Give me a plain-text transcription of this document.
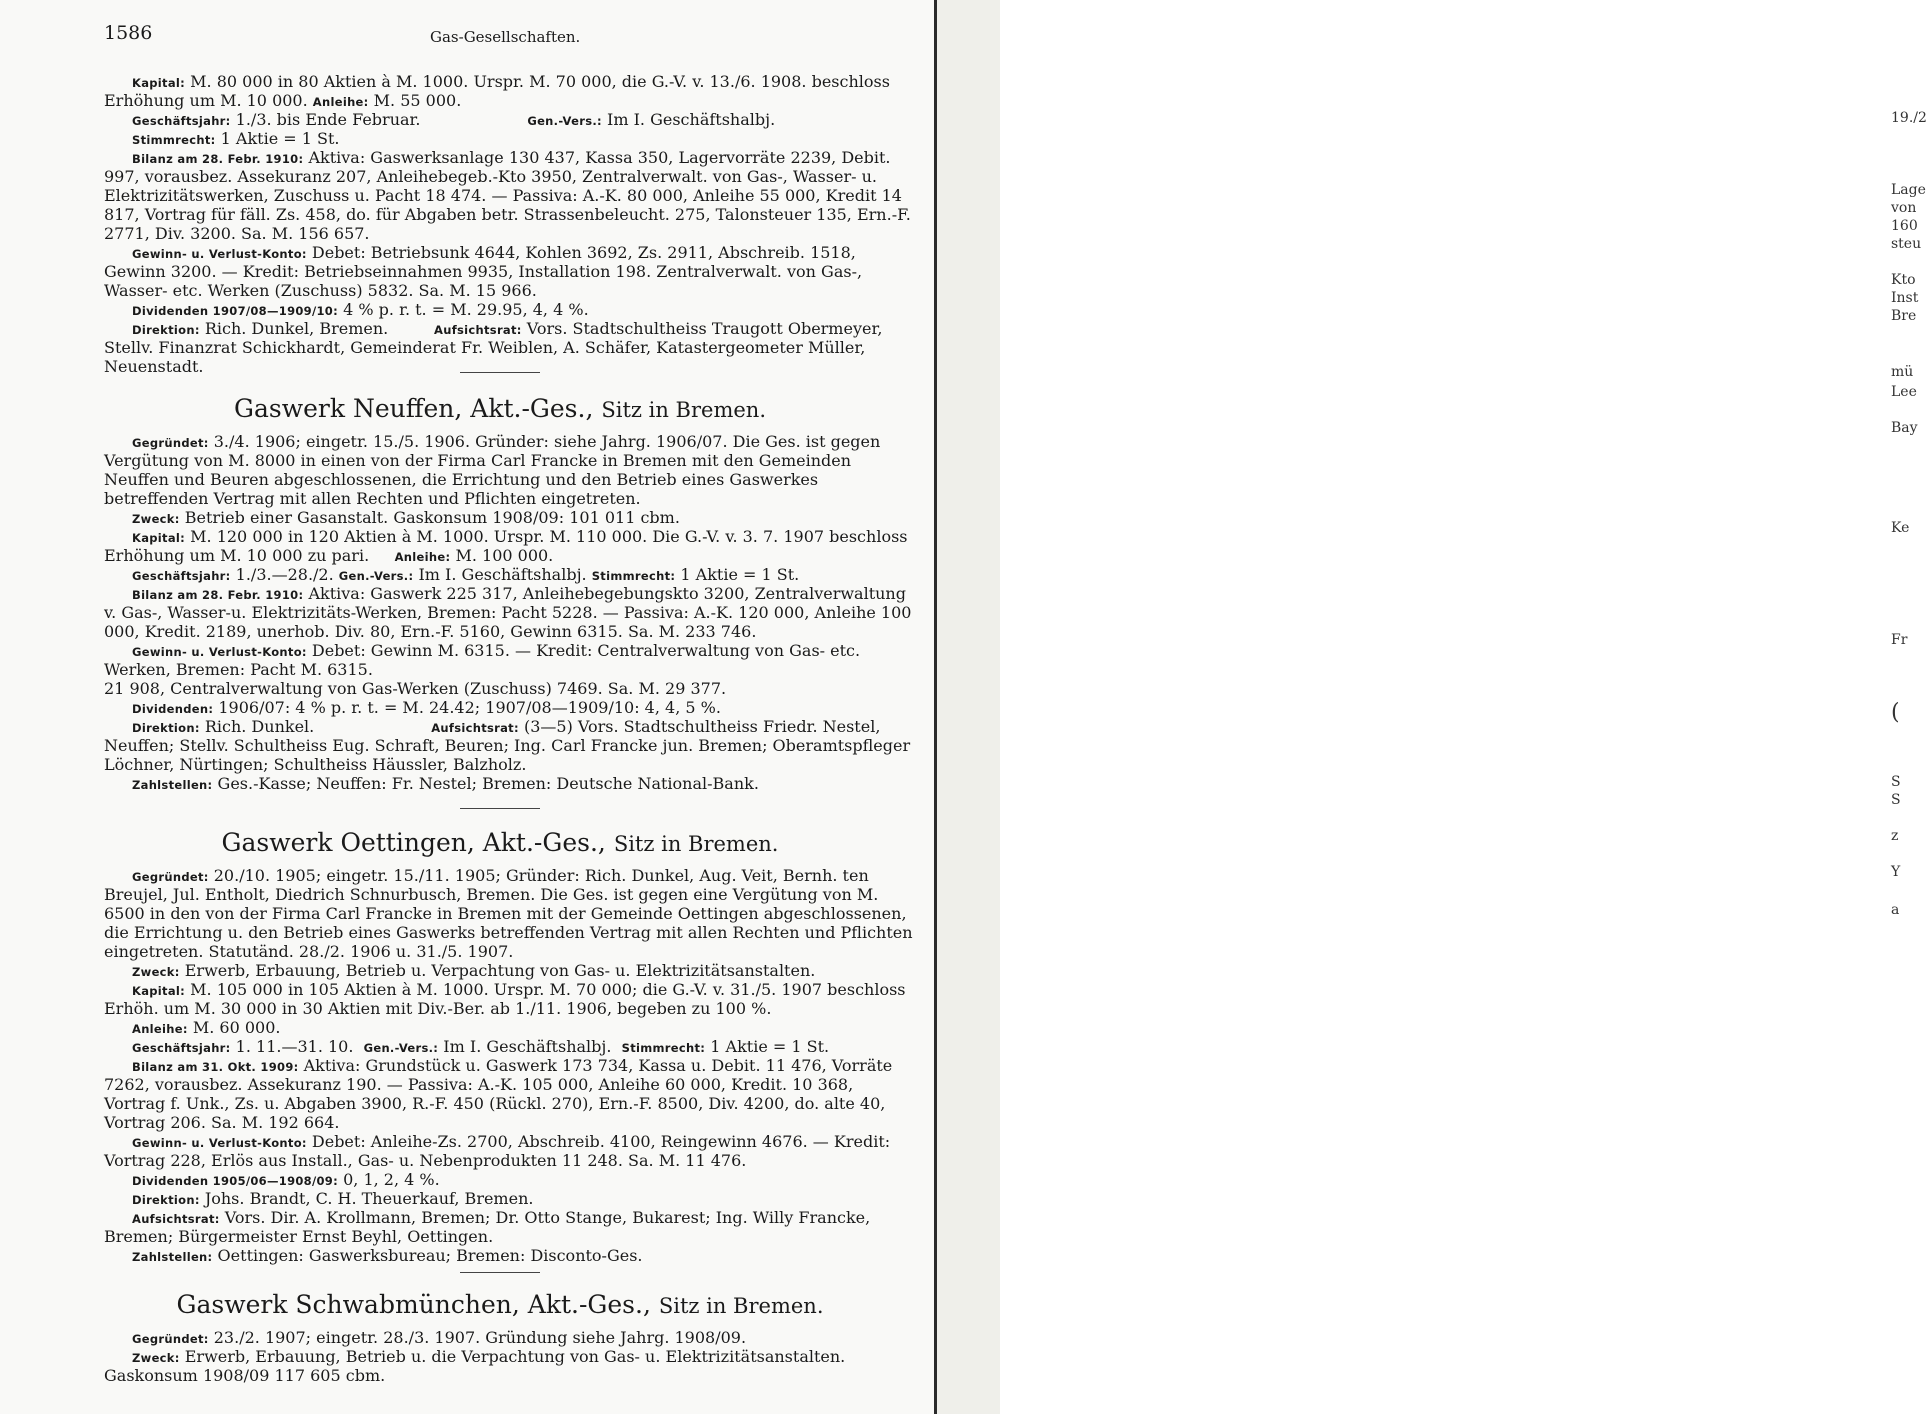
19./2
Lage
von
160
steu
Kto
Inst
Bre
mü
Lee
Bay
Ke
Fr
(
S
S
z
Y
a
1586	Gas-Gesellschaften.

Kapital: M. 80 000 in 80 Aktien à M. 1000. Urspr. M. 70 000, die G.-V. v. 13./6. 1908. beschloss Erhöhung um M. 10 000. Anleihe: M. 55 000.

Geschäftsjahr: 1./3. bis Ende Februar.	Gen.-Vers.: Im I. Geschäftshalbj.

Stimmrecht: 1 Aktie = 1 St.

Bilanz am 28. Febr. 1910: Aktiva: Gaswerksanlage 130 437, Kassa 350, Lagervorräte 2239, Debit. 997, vorausbez. Assekuranz 207, Anleihebegeb.-Kto 3950, Zentralverwalt. von Gas-, Wasser- u. Elektrizitätswerken, Zuschuss u. Pacht 18 474. — Passiva: A.-K. 80 000, Anleihe 55 000, Kredit 14 817, Vortrag für fäll. Zs. 458, do. für Abgaben betr. Strassenbeleucht. 275, Talonsteuer 135, Ern.-F. 2771, Div. 3200. Sa. M. 156 657.

Gewinn- u. Verlust-Konto: Debet: Betriebsunk 4644, Kohlen 3692, Zs. 2911, Abschreib. 1518, Gewinn 3200. — Kredit: Betriebseinnahmen 9935, Installation 198. Zentralverwalt. von Gas-, Wasser- etc. Werken (Zuschuss) 5832. Sa. M. 15 966.

Dividenden 1907/08—1909/10: 4 % p. r. t. = M. 29.95, 4, 4 %.

Direktion: Rich. Dunkel, Bremen.	Aufsichtsrat: Vors. Stadtschultheiss Traugott Obermeyer, Stellv. Finanzrat Schickhardt, Gemeinderat Fr. Weiblen, A. Schäfer, Katastergeometer Müller, Neuenstadt.

Gaswerk Neuffen, Akt.-Ges., Sitz in Bremen.

Gegründet: 3./4. 1906; eingetr. 15./5. 1906. Gründer: siehe Jahrg. 1906/07. Die Ges. ist gegen Vergütung von M. 8000 in einen von der Firma Carl Francke in Bremen mit den Gemeinden Neuffen und Beuren abgeschlossenen, die Errichtung und den Betrieb eines Gaswerkes betreffenden Vertrag mit allen Rechten und Pflichten eingetreten.

Zweck: Betrieb einer Gasanstalt. Gaskonsum 1908/09: 101 011 cbm.

Kapital: M. 120 000 in 120 Aktien à M. 1000. Urspr. M. 110 000. Die G.-V. v. 3. 7. 1907 beschloss Erhöhung um M. 10 000 zu pari. Anleihe: M. 100 000.

Geschäftsjahr: 1./3.—28./2. Gen.-Vers.: Im I. Geschäftshalbj. Stimmrecht: 1 Aktie = 1 St.

Bilanz am 28. Febr. 1910: Aktiva: Gaswerk 225 317, Anleihebegebungskto 3200, Zentralverwaltung v. Gas-, Wasser-u. Elektrizitäts-Werken, Bremen: Pacht 5228. — Passiva: A.-K. 120 000, Anleihe 100 000, Kredit. 2189, unerhob. Div. 80, Ern.-F. 5160, Gewinn 6315. Sa. M. 233 746.

Gewinn- u. Verlust-Konto: Debet: Gewinn M. 6315. — Kredit: Centralverwaltung von Gas- etc. Werken, Bremen: Pacht M. 6315.

21 908, Centralverwaltung von Gas-Werken (Zuschuss) 7469. Sa. M. 29 377.

Dividenden: 1906/07: 4 % p. r. t. = M. 24.42; 1907/08—1909/10: 4, 4, 5 %.

Direktion: Rich. Dunkel.	Aufsichtsrat: (3—5) Vors. Stadtschultheiss Friedr. Nestel, Neuffen; Stellv. Schultheiss Eug. Schraft, Beuren; Ing. Carl Francke jun. Bremen; Oberamtspfleger Löchner, Nürtingen; Schultheiss Häussler, Balzholz.

Zahlstellen: Ges.-Kasse; Neuffen: Fr. Nestel; Bremen: Deutsche National-Bank.

Gaswerk Oettingen, Akt.-Ges., Sitz in Bremen.

Gegründet: 20./10. 1905; eingetr. 15./11. 1905; Gründer: Rich. Dunkel, Aug. Veit, Bernh. ten Breujel, Jul. Entholt, Diedrich Schnurbusch, Bremen. Die Ges. ist gegen eine Vergütung von M. 6500 in den von der Firma Carl Francke in Bremen mit der Gemeinde Oettingen abgeschlossenen, die Errichtung u. den Betrieb eines Gaswerks betreffenden Vertrag mit allen Rechten und Pflichten eingetreten. Statutänd. 28./2. 1906 u. 31./5. 1907.

Zweck: Erwerb, Erbauung, Betrieb u. Verpachtung von Gas- u. Elektrizitätsanstalten.

Kapital: M. 105 000 in 105 Aktien à M. 1000. Urspr. M. 70 000; die G.-V. v. 31./5. 1907 beschloss Erhöh. um M. 30 000 in 30 Aktien mit Div.-Ber. ab 1./11. 1906, begeben zu 100 %.

Anleihe: M. 60 000.

Geschäftsjahr: 1. 11.—31. 10. Gen.-Vers.: Im I. Geschäftshalbj. Stimmrecht: 1 Aktie = 1 St.

Bilanz am 31. Okt. 1909: Aktiva: Grundstück u. Gaswerk 173 734, Kassa u. Debit. 11 476, Vorräte 7262, vorausbez. Assekuranz 190. — Passiva: A.-K. 105 000, Anleihe 60 000, Kredit. 10 368, Vortrag f. Unk., Zs. u. Abgaben 3900, R.-F. 450 (Rückl. 270), Ern.-F. 8500, Div. 4200, do. alte 40, Vortrag 206. Sa. M. 192 664.

Gewinn- u. Verlust-Konto: Debet: Anleihe-Zs. 2700, Abschreib. 4100, Reingewinn 4676. — Kredit: Vortrag 228, Erlös aus Install., Gas- u. Nebenprodukten 11 248. Sa. M. 11 476.

Dividenden 1905/06—1908/09: 0, 1, 2, 4 %.

Direktion: Johs. Brandt, C. H. Theuerkauf, Bremen.

Aufsichtsrat: Vors. Dir. A. Krollmann, Bremen; Dr. Otto Stange, Bukarest; Ing. Willy Francke, Bremen; Bürgermeister Ernst Beyhl, Oettingen.

Zahlstellen: Oettingen: Gaswerksbureau; Bremen: Disconto-Ges.

Gaswerk Schwabmünchen, Akt.-Ges., Sitz in Bremen.

Gegründet: 23./2. 1907; eingetr. 28./3. 1907. Gründung siehe Jahrg. 1908/09.

Zweck: Erwerb, Erbauung, Betrieb u. die Verpachtung von Gas- u. Elektrizitätsanstalten. Gaskonsum 1908/09 117 605 cbm.
